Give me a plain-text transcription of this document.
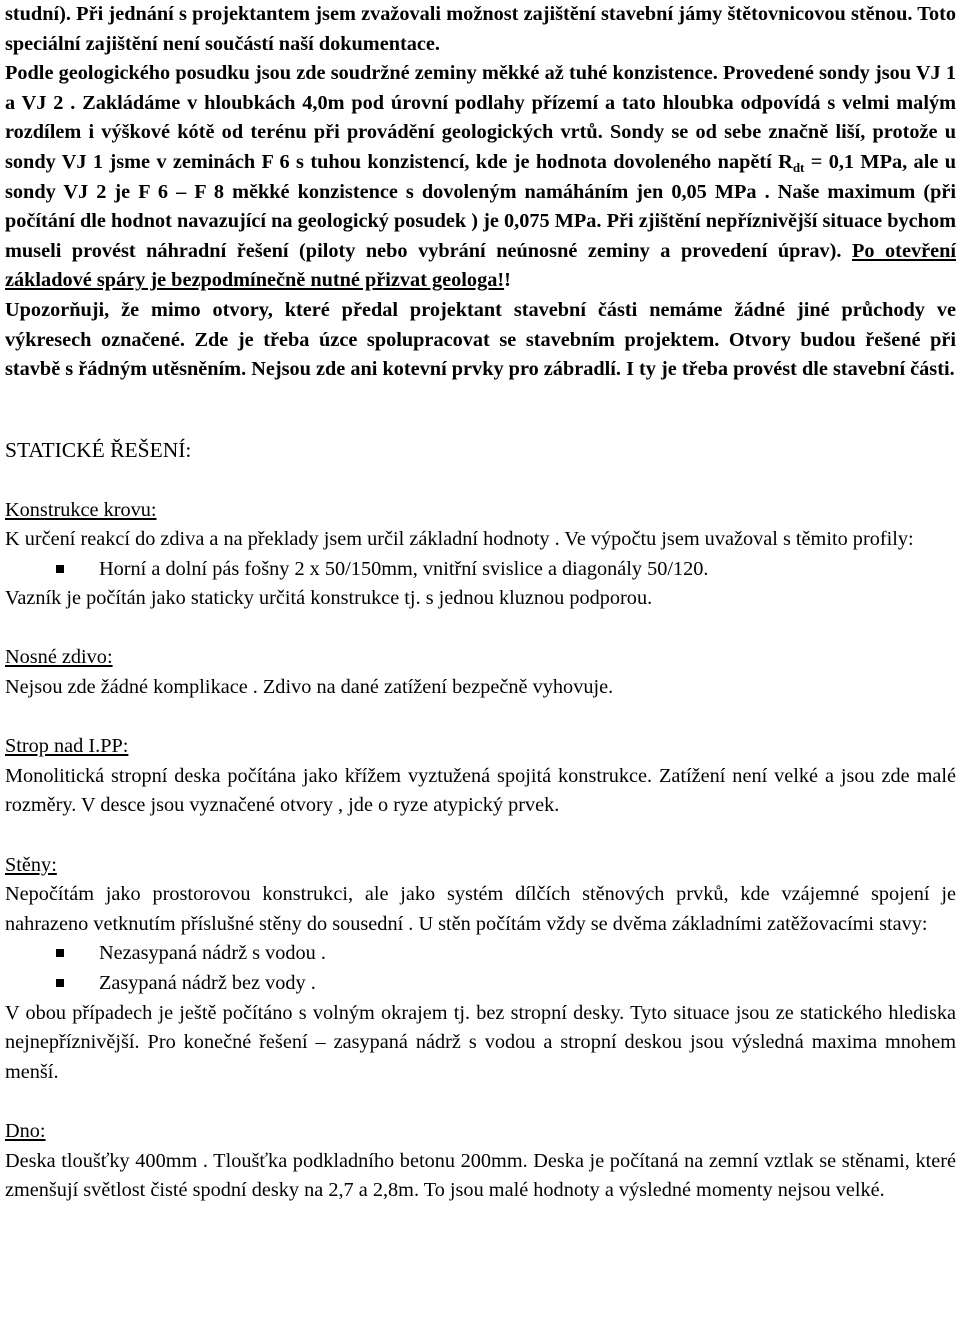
studní). Při jednání s projektantem jsem zvažovali možnost zajištění stavební jámy štětovnicovou stěnou. Toto speciální zajištění není součástí naší dokumentace.

Podle geologického posudku jsou zde soudržné zeminy měkké až tuhé konzistence. Provedené sondy jsou VJ 1 a VJ 2 . Zakládáme v hloubkách 4,0m pod úrovní podlahy přízemí a tato hloubka odpovídá s velmi malým rozdílem i výškové kótě od terénu při provádění geologických vrtů. Sondy se od sebe značně liší, protože u sondy VJ 1 jsme v zeminách F 6 s tuhou konzistencí, kde je hodnota dovoleného napětí $R_{dt} = 0,1$ MPa, ale u sondy VJ 2 je F 6 – F 8 měkké konzistence s dovoleným namáháním jen 0,05 MPa . Naše maximum (při počítání dle hodnot navazující na geologický posudek ) je 0,075 MPa. Při zjištění nepříznivější situace bychom museli provést náhradní řešení (piloty nebo vybrání neúnosné zeminy a provedení úprav). Po otevření základové spáry je bezpodmínečně nutné přizvat geologa!!

Upozorňuji, že mimo otvory, které předal projektant stavební části nemáme žádné jiné průchody ve výkresech označené. Zde je třeba úzce spolupracovat se stavebním projektem. Otvory budou řešené při stavbě s řádným utěsněním. Nejsou zde ani kotevní prvky pro zábradlí. I ty je třeba provést dle stavební části.

STATICKÉ ŘEŠENÍ:
Konstrukce krovu:

K určení reakcí do zdiva a na překlady jsem určil základní hodnoty . Ve výpočtu jsem uvažoval s těmito profily:

Horní a dolní pás fošny 2 x 50/150mm, vnitřní svislice a diagonály 50/120.

Vazník je počítán jako staticky určitá konstrukce tj. s jednou kluznou podporou.

Nosné zdivo:

Nejsou zde žádné komplikace . Zdivo na dané zatížení bezpečně vyhovuje.

Strop nad I.PP:

Monolitická stropní deska počítána jako křížem vyztužená spojitá konstrukce. Zatížení není velké a jsou zde malé rozměry. V desce jsou vyznačené otvory , jde o ryze atypický prvek.

Stěny:

Nepočítám jako prostorovou konstrukci, ale jako systém dílčích stěnových prvků, kde vzájemné spojení je nahrazeno vetknutím příslušné stěny do sousední . U stěn počítám vždy se dvěma základními zatěžovacími stavy:

Nezasypaná nádrž s vodou .
Zasypaná nádrž bez vody .

V obou případech je ještě počítáno s volným okrajem tj. bez stropní desky. Tyto situace jsou ze statického hlediska nejnepříznivější. Pro konečné řešení – zasypaná nádrž s vodou a stropní deskou jsou výsledná maxima mnohem menší.

Dno:

Deska tloušťky 400mm . Tloušťka podkladního betonu 200mm. Deska je počítaná na zemní vztlak se stěnami, které zmenšují světlost čisté spodní desky na 2,7 a 2,8m. To jsou malé hodnoty a výsledné momenty nejsou velké.
